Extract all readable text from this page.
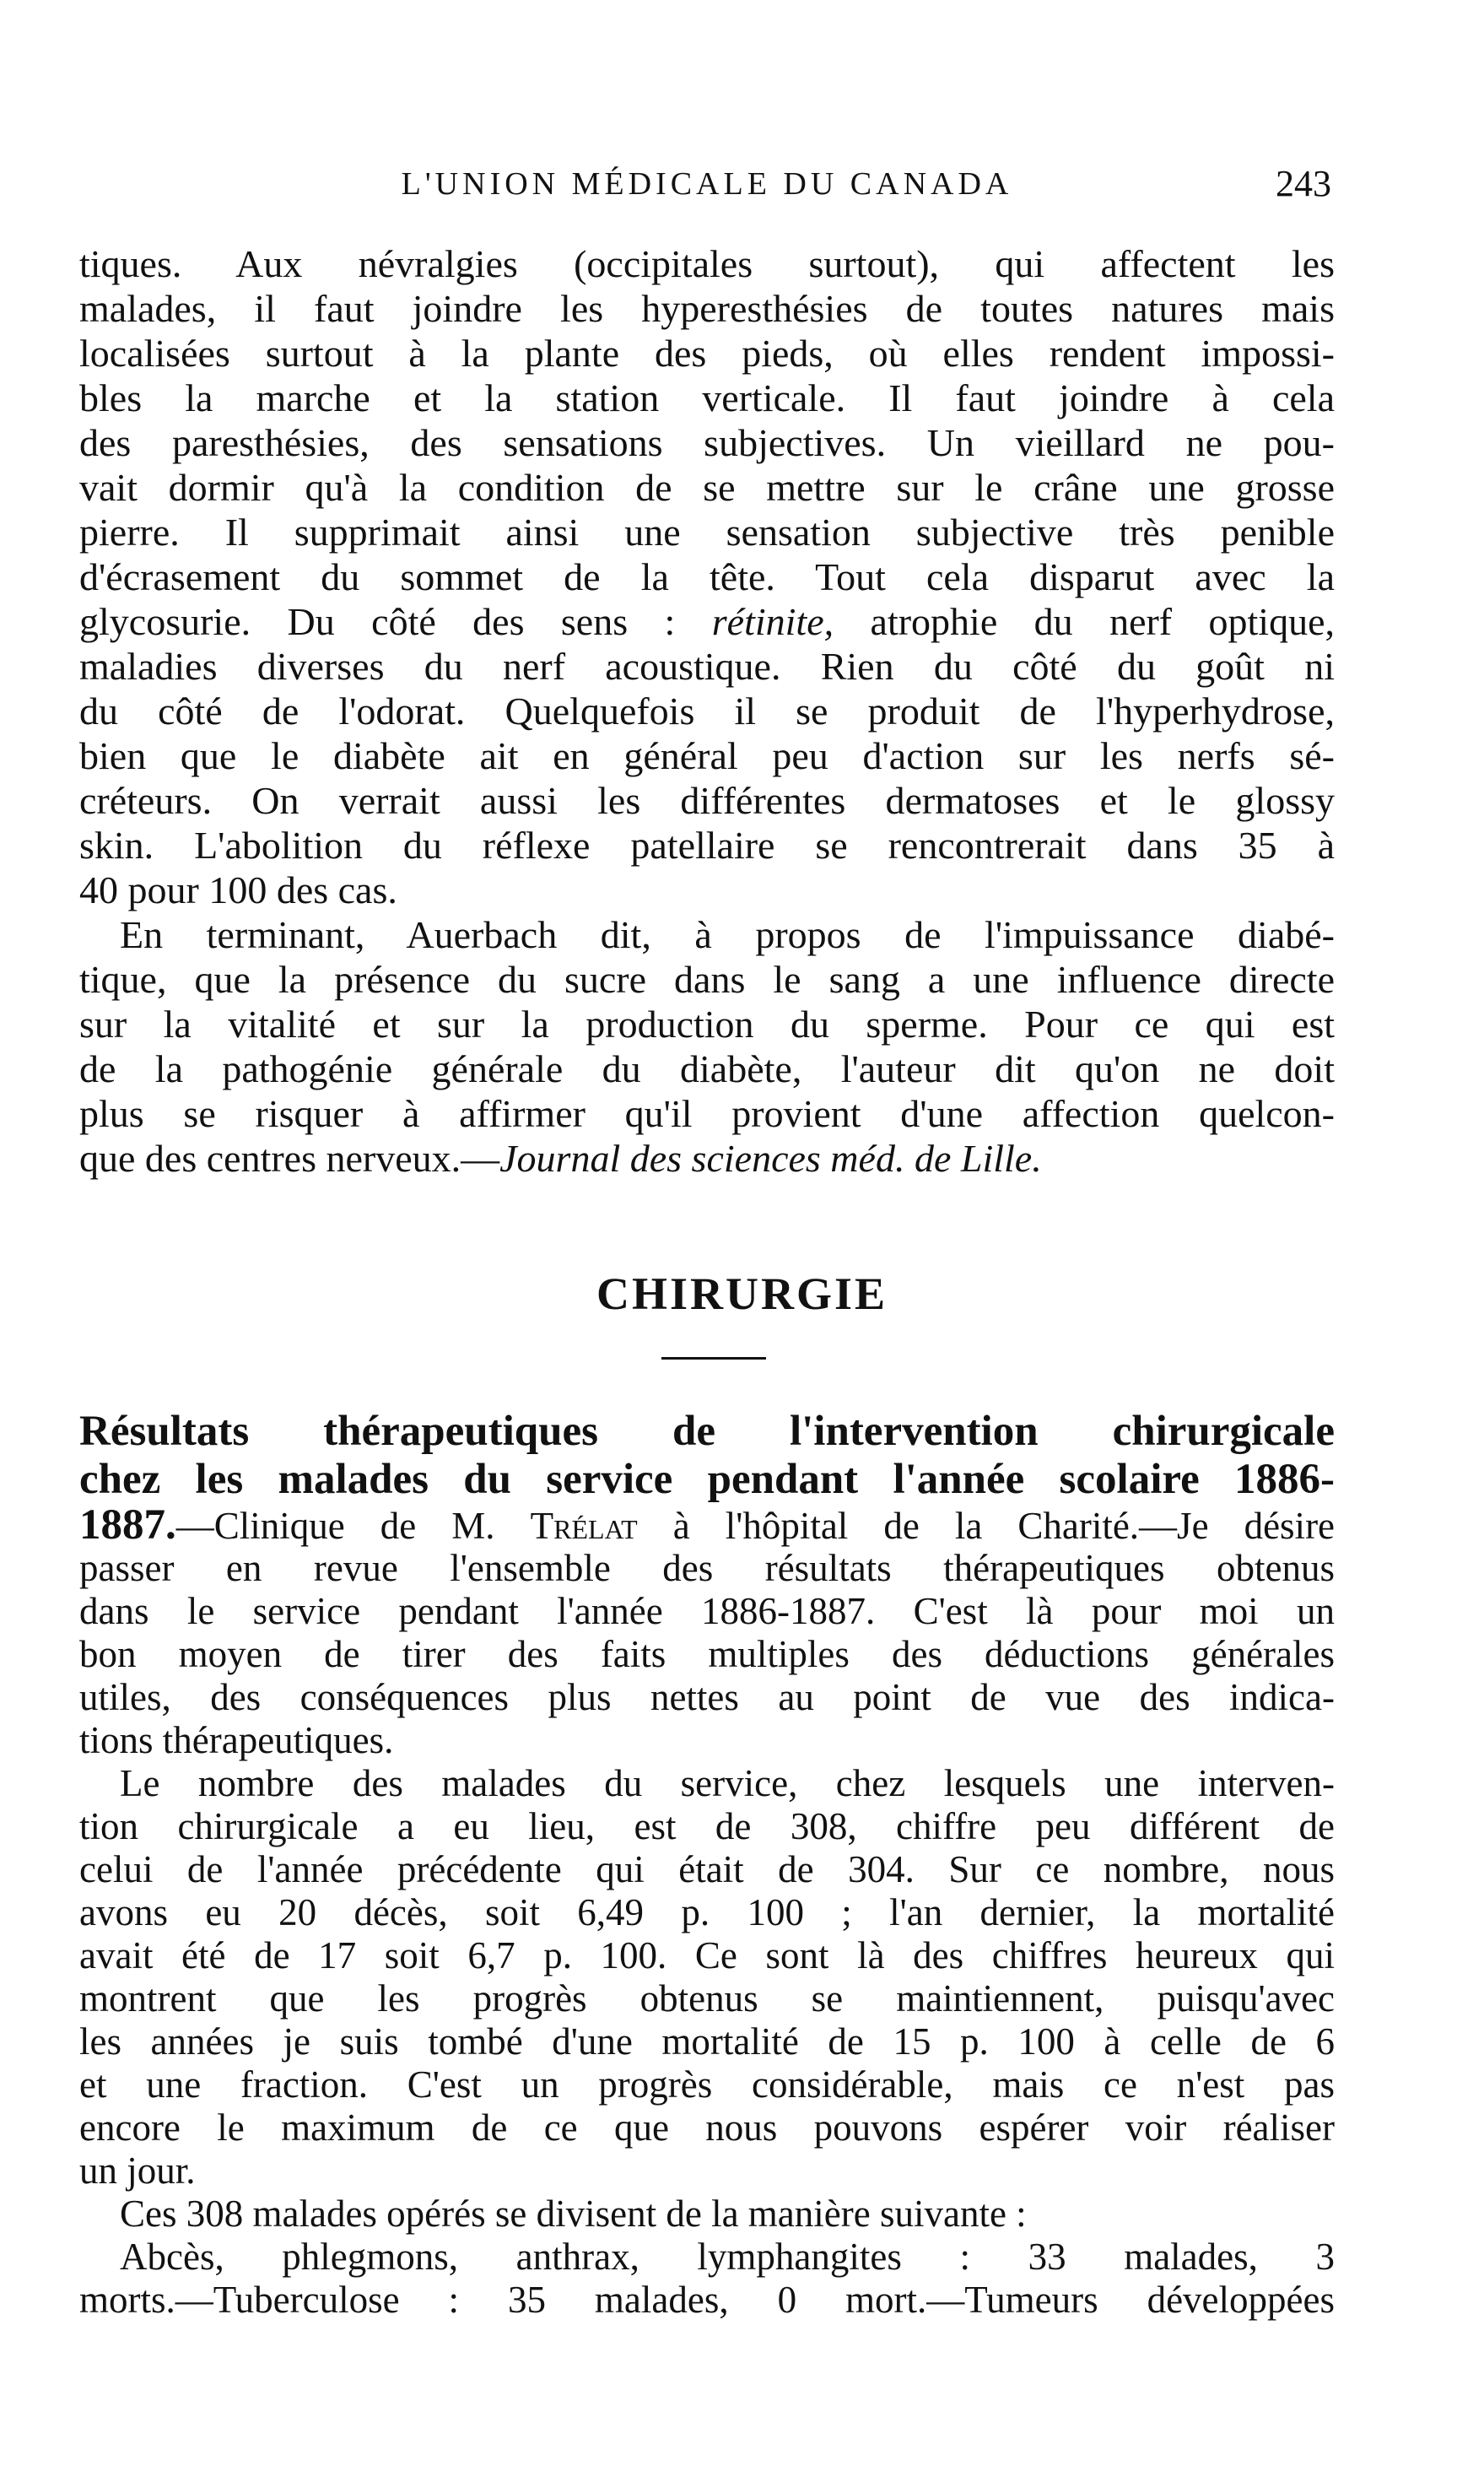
L'UNION MÉDICALE DU CANADA	243
tiques. Aux névralgies (occipitales surtout), qui affectent les
malades, il faut joindre les hyperesthésies de toutes natures mais
localisées surtout à la plante des pieds, où elles rendent impossi-
bles la marche et la station verticale. Il faut joindre à cela
des paresthésies, des sensations subjectives. Un vieillard ne pou-
vait dormir qu'à la condition de se mettre sur le crâne une grosse
pierre. Il supprimait ainsi une sensation subjective très penible
d'écrasement du sommet de la tête. Tout cela disparut avec la
glycosurie. Du côté des sens : rétinite, atrophie du nerf optique,
maladies diverses du nerf acoustique. Rien du côté du goût ni
du côté de l'odorat. Quelquefois il se produit de l'hyperhydrose,
bien que le diabète ait en général peu d'action sur les nerfs sé-
créteurs. On verrait aussi les différentes dermatoses et le glossy
skin. L'abolition du réflexe patellaire se rencontrerait dans 35 à
40 pour 100 des cas.
En terminant, Auerbach dit, à propos de l'impuissance diabé-
tique, que la présence du sucre dans le sang a une influence directe
sur la vitalité et sur la production du sperme. Pour ce qui est
de la pathogénie générale du diabète, l'auteur dit qu'on ne doit
plus se risquer à affirmer qu'il provient d'une affection quelcon-
que des centres nerveux.—Journal des sciences méd. de Lille.
CHIRURGIE
Résultats thérapeutiques de l'intervention chirurgicale
chez les malades du service pendant l'année scolaire 1886-
1887.—Clinique de M. Trélat à l'hôpital de la Charité.—Je désire
passer en revue l'ensemble des résultats thérapeutiques obtenus
dans le service pendant l'année 1886-1887. C'est là pour moi un
bon moyen de tirer des faits multiples des déductions générales
utiles, des conséquences plus nettes au point de vue des indica-
tions thérapeutiques.
Le nombre des malades du service, chez lesquels une interven-
tion chirurgicale a eu lieu, est de 308, chiffre peu différent de
celui de l'année précédente qui était de 304. Sur ce nombre, nous
avons eu 20 décès, soit 6,49 p. 100 ; l'an dernier, la mortalité
avait été de 17 soit 6,7 p. 100. Ce sont là des chiffres heureux qui
montrent que les progrès obtenus se maintiennent, puisqu'avec
les années je suis tombé d'une mortalité de 15 p. 100 à celle de 6
et une fraction. C'est un progrès considérable, mais ce n'est pas
encore le maximum de ce que nous pouvons espérer voir réaliser
un jour.
Ces 308 malades opérés se divisent de la manière suivante :
Abcès, phlegmons, anthrax, lymphangites : 33 malades, 3
morts.—Tuberculose : 35 malades, 0 mort.—Tumeurs développées
